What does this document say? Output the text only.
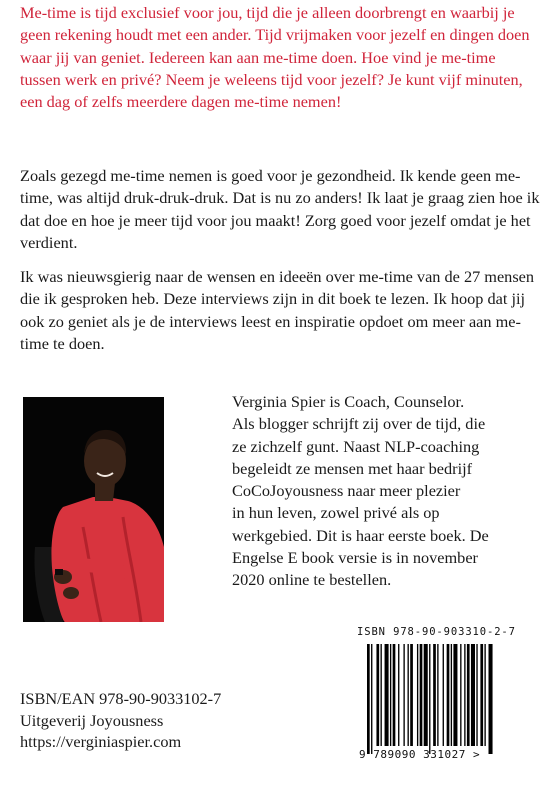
Me-time is tijd exclusief voor jou, tijd die je alleen doorbrengt en waarbij je geen rekening houdt met een ander. Tijd vrijmaken voor jezelf en dingen doen waar jij van geniet. Iedereen kan aan me-time doen. Hoe vind je me-time tussen werk en privé? Neem je weleens tijd voor jezelf? Je kunt vijf minuten, een dag of zelfs meerdere dagen me-time nemen!

Zoals gezegd me-time nemen is goed voor je gezondheid. Ik kende geen me-time, was altijd druk-druk-druk. Dat is nu zo anders! Ik laat je graag zien hoe ik dat doe en hoe je meer tijd voor jou maakt! Zorg goed voor jezelf omdat je het verdient.

Ik was nieuwsgierig naar de wensen en ideeën over me-time van de 27 mensen die ik gesproken heb. Deze interviews zijn in dit boek te lezen. Ik hoop dat jij ook zo geniet als je de interviews leest en inspiratie opdoet om meer aan me-time te doen.

Verginia Spier is Coach, Counselor.
Als blogger schrijft zij over de tijd, die
ze zichzelf gunt. Naast NLP-coaching
begeleidt ze mensen met haar bedrijf
CoCoJoyousness naar meer plezier
in hun leven, zowel privé als op
werkgebied. Dit is haar eerste boek. De
Engelse E book versie is in november
2020 online te bestellen.
ISBN 978-90-903310-2-7
9 789090 331027 >
ISBN/EAN 978-90-9033102-7
Uitgeverij Joyousness
https://verginiaspier.com
